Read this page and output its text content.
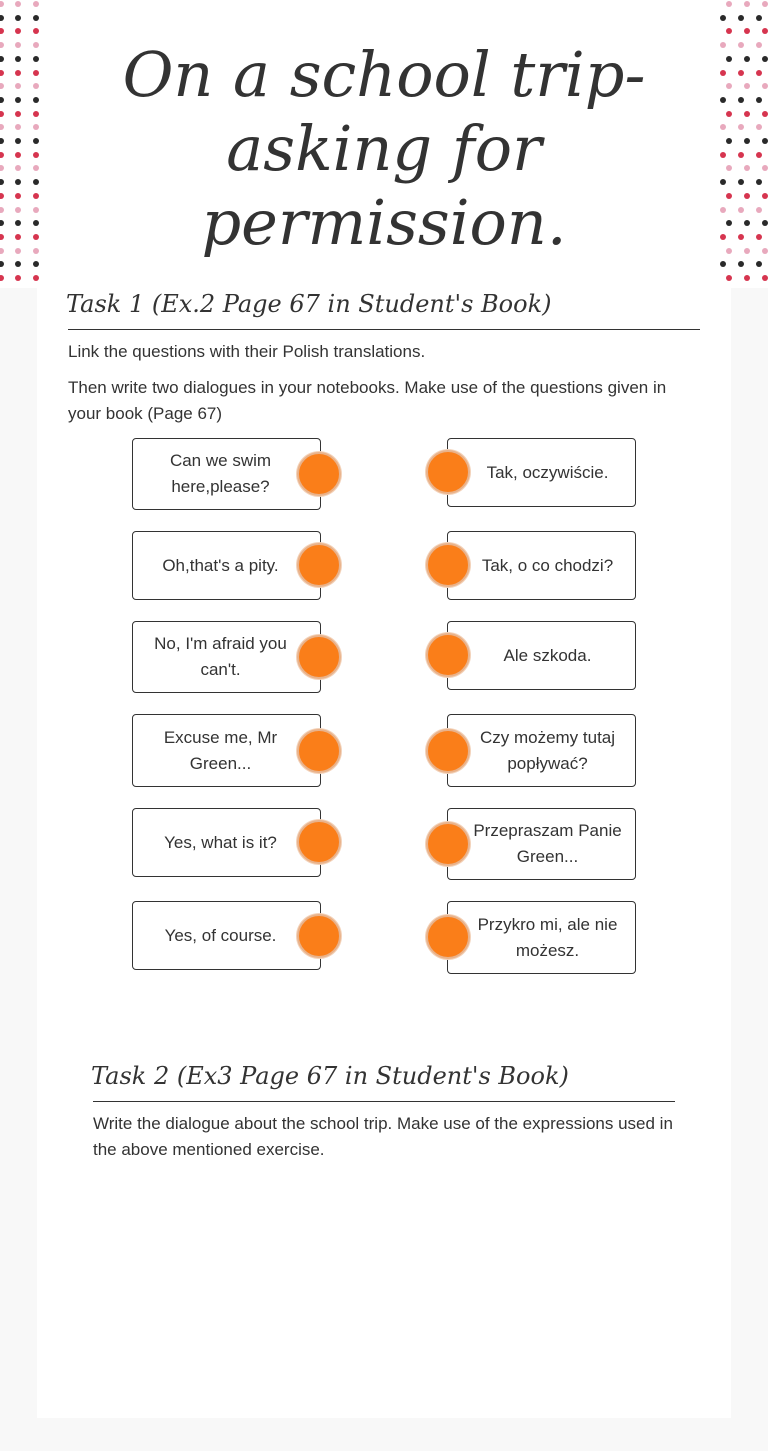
On a school trip- asking for permission.
Task 1 (Ex.2 Page 67 in Student's Book)
Link the questions with their Polish translations.
Then write two dialogues in your notebooks. Make use of the questions given in your book (Page 67)
Can we swim here,please?
Oh,that's a pity.
No, I'm afraid you can't.
Excuse me, Mr Green...
Yes, what is it?
Yes, of course.
Tak, oczywiście.
Tak, o co chodzi?
Ale szkoda.
Czy możemy tutaj popływać?
Przepraszam Panie Green...
Przykro mi, ale nie możesz.
Task 2 (Ex3 Page 67 in Student's Book)
Write the dialogue about the school trip. Make use of the expressions used in the above mentioned exercise.
